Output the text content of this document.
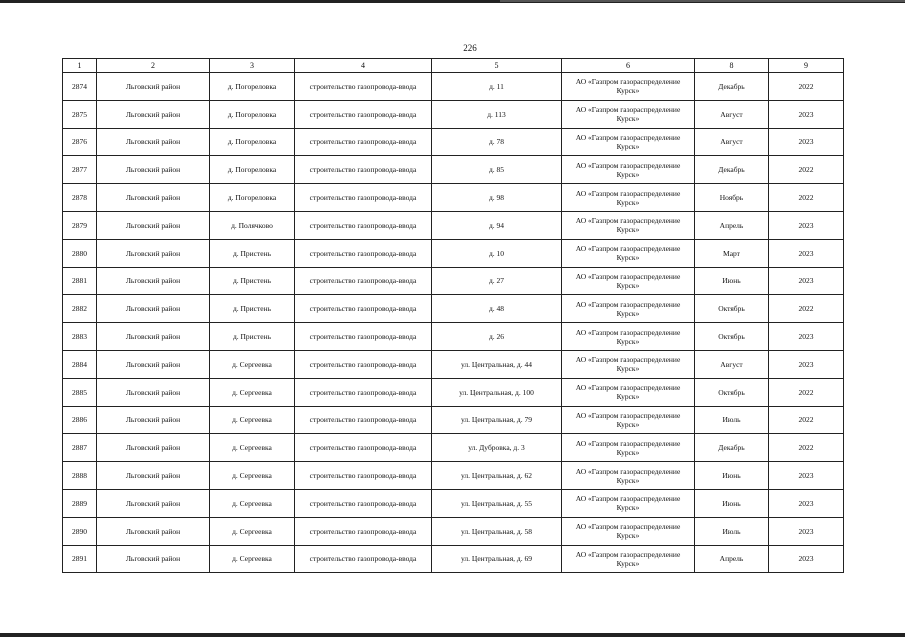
226
1	2	3	4	5	6	8	9
2874	Льговский район	д. Погореловка	строительство газопровода-ввода	д. 11	АО «Газпром газораспределение Курск»	Декабрь	2022
2875	Льговский район	д. Погореловка	строительство газопровода-ввода	д. 113	АО «Газпром газораспределение Курск»	Август	2023
2876	Льговский район	д. Погореловка	строительство газопровода-ввода	д. 78	АО «Газпром газораспределение Курск»	Август	2023
2877	Льговский район	д. Погореловка	строительство газопровода-ввода	д. 85	АО «Газпром газораспределение Курск»	Декабрь	2022
2878	Льговский район	д. Погореловка	строительство газопровода-ввода	д. 98	АО «Газпром газораспределение Курск»	Ноябрь	2022
2879	Льговский район	д. Полячково	строительство газопровода-ввода	д. 94	АО «Газпром газораспределение Курск»	Апрель	2023
2880	Льговский район	д. Пристень	строительство газопровода-ввода	д. 10	АО «Газпром газораспределение Курск»	Март	2023
2881	Льговский район	д. Пристень	строительство газопровода-ввода	д. 27	АО «Газпром газораспределение Курск»	Июнь	2023
2882	Льговский район	д. Пристень	строительство газопровода-ввода	д. 48	АО «Газпром газораспределение Курск»	Октябрь	2022
2883	Льговский район	д. Пристень	строительство газопровода-ввода	д. 26	АО «Газпром газораспределение Курск»	Октябрь	2023
2884	Льговский район	д. Сергеевка	строительство газопровода-ввода	ул. Центральная, д. 44	АО «Газпром газораспределение Курск»	Август	2023
2885	Льговский район	д. Сергеевка	строительство газопровода-ввода	ул. Центральная, д. 100	АО «Газпром газораспределение Курск»	Октябрь	2022
2886	Льговский район	д. Сергеевка	строительство газопровода-ввода	ул. Центральная, д. 79	АО «Газпром газораспределение Курск»	Июль	2022
2887	Льговский район	д. Сергеевка	строительство газопровода-ввода	ул. Дубровка, д. 3	АО «Газпром газораспределение Курск»	Декабрь	2022
2888	Льговский район	д. Сергеевка	строительство газопровода-ввода	ул. Центральная, д. 62	АО «Газпром газораспределение Курск»	Июнь	2023
2889	Льговский район	д. Сергеевка	строительство газопровода-ввода	ул. Центральная, д. 55	АО «Газпром газораспределение Курск»	Июнь	2023
2890	Льговский район	д. Сергеевка	строительство газопровода-ввода	ул. Центральная, д. 58	АО «Газпром газораспределение Курск»	Июль	2023
2891	Льговский район	д. Сергеевка	строительство газопровода-ввода	ул. Центральная, д. 69	АО «Газпром газораспределение Курск»	Апрель	2023
